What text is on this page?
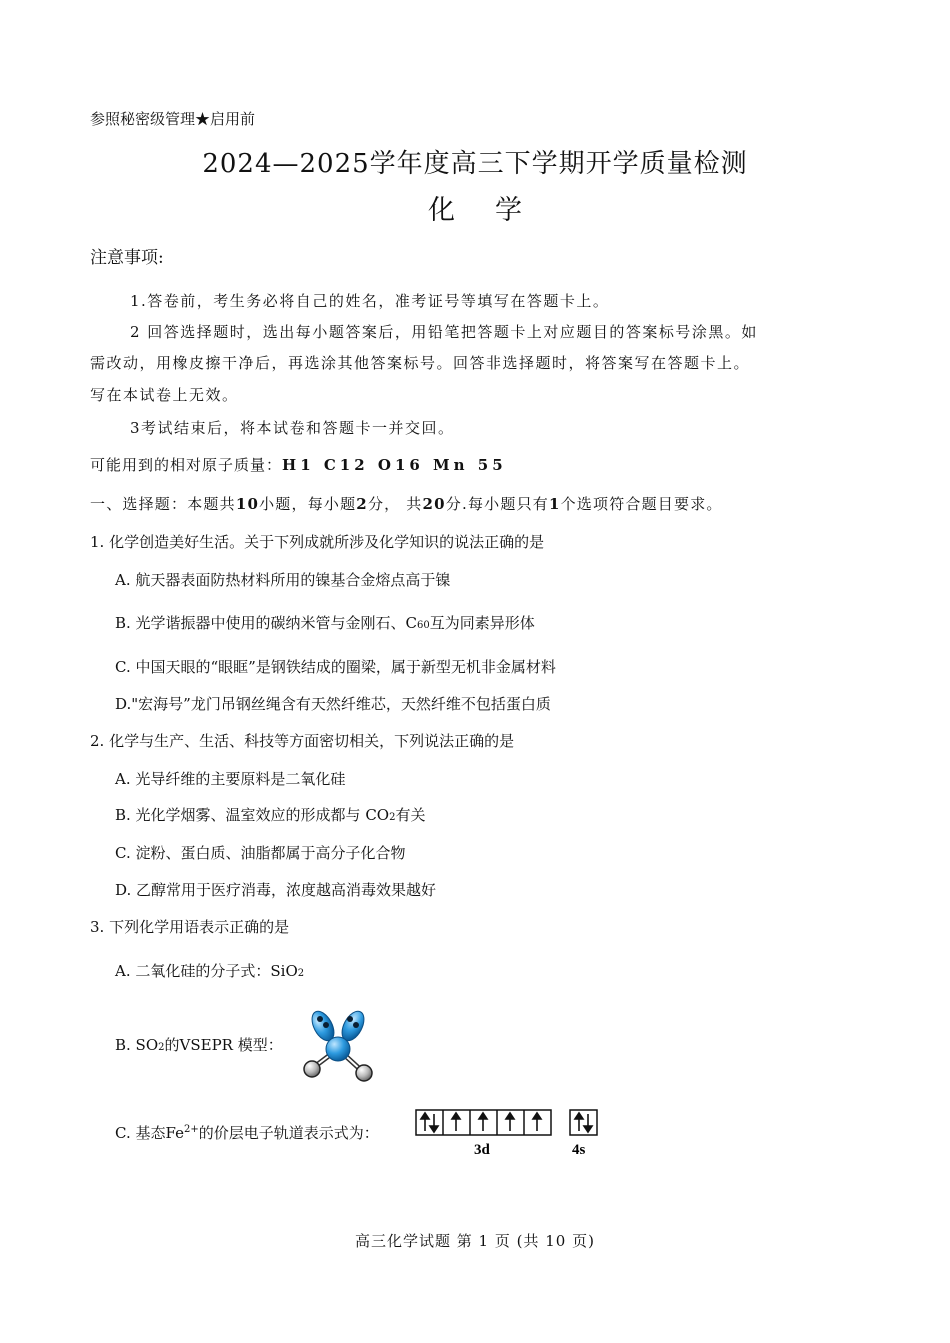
参照秘密级管理★启用前
2024—2025学年度高三下学期开学质量检测
化学
注意事项:
1.答卷前，考生务必将自己的姓名，准考证号等填写在答题卡上。
2 回答选择题时，选出每小题答案后，用铅笔把答题卡上对应题目的答案标号涂黑。如
需改动，用橡皮擦干净后，再选涂其他答案标号。回答非选择题时，将答案写在答题卡上。
写在本试卷上无效。
3考试结束后，将本试卷和答题卡一并交回。
可能用到的相对原子质量：H1 C12 O16 Mn 55
一、选择题：本题共10小题，每小题2分， 共20分.每小题只有1个选项符合题目要求。
1. 化学创造美好生活。关于下列成就所涉及化学知识的说法正确的是
A. 航天器表面防热材料所用的镍基合金熔点高于镍
B. 光学谐振器中使用的碳纳米管与金刚石、C60互为同素异形体
C. 中国天眼的“眼眶”是钢铁结成的圈梁，属于新型无机非金属材料
D."宏海号”龙门吊钢丝绳含有天然纤维芯，天然纤维不包括蛋白质
2. 化学与生产、生活、科技等方面密切相关，下列说法正确的是
A. 光导纤维的主要原料是二氧化硅
B. 光化学烟雾、温室效应的形成都与 CO2有关
C. 淀粉、蛋白质、油脂都属于高分子化合物
D. 乙醇常用于医疗消毒，浓度越高消毒效果越好
3. 下列化学用语表示正确的是
A. 二氧化硅的分子式：SiO2
B. SO2的VSEPR 模型：
C. 基态$Fe^{2+}$的价层电子轨道表示式为：
3d	4s
高三化学试题 第 1 页 (共 10 页)
